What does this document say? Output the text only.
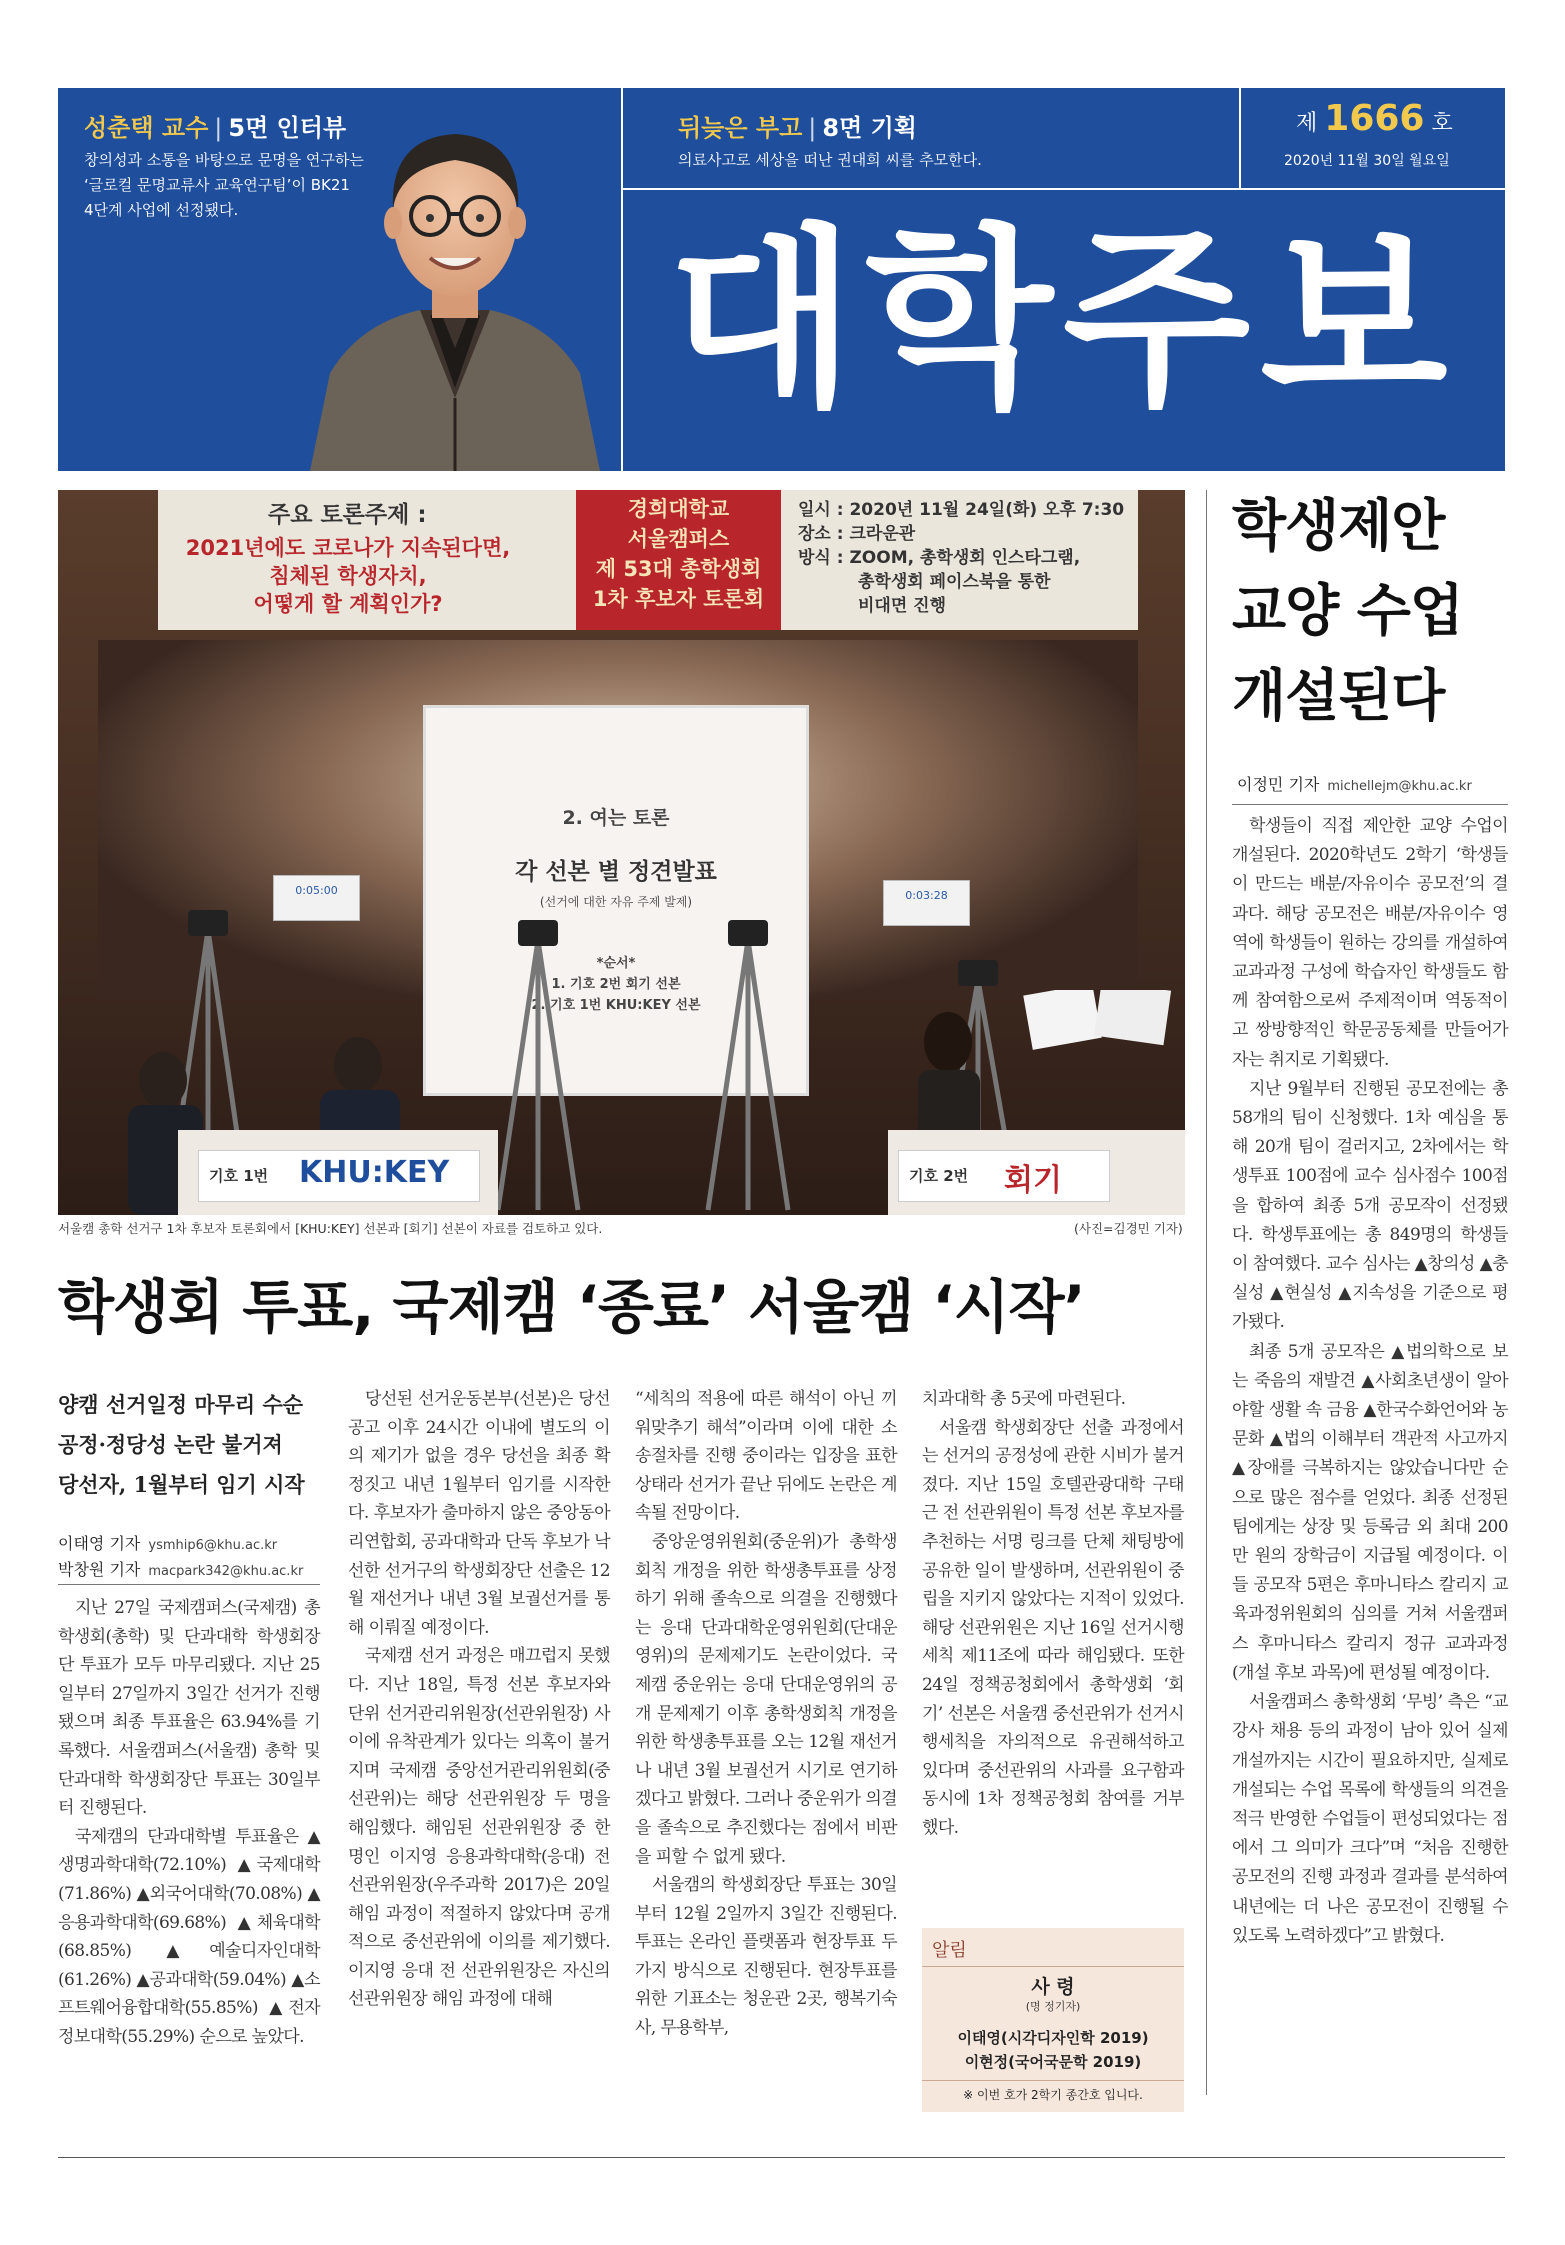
성춘택 교수 | 5면 인터뷰
창의성과 소통을 바탕으로 문명을 연구하는
‘글로컬 문명교류사 교육연구팀’이 BK21
4단계 사업에 선정됐다.
뒤늦은 부고 | 8면 기획
의료사고로 세상을 떠난 권대희 씨를 추모한다.
제 1666 호
2020년 11월 30일 월요일
대학주보
주요 토론주제 :
2021년에도 코로나가 지속된다면,
침체된 학생자치,
어떻게 할 계획인가?
경희대학교
서울캠퍼스
제 53대 총학생회
1차 후보자 토론회
일시 : 2020년 11월 24일(화) 오후 7:30
장소 : 크라운관
방식 : ZOOM, 총학생회 인스타그램,
총학생회 페이스북을 통한
비대면 진행
2. 여는 토론
각 선본 별 정견발표
(선거에 대한 자유 주제 발제)
*순서*
1. 기호 2번 회기 선본
2. 기호 1번 KHU:KEY 선본
0:05:00	0:03:28
기호 1번 KHU:KEY	기호 2번 회기
서울캠 총학 선거구 1차 후보자 토론회에서 [KHU:KEY] 선본과 [회기] 선본이 자료를 검토하고 있다.	(사진=김경민 기자)
학생회 투표, 국제캠 ‘종료’ 서울캠 ‘시작’
양캠 선거일정 마무리 수순
공정·정당성 논란 불거져
당선자, 1월부터 임기 시작
이태영 기자 ysmhip6@khu.ac.kr
박창원 기자 macpark342@khu.ac.kr

지난 27일 국제캠퍼스(국제캠) 총학생회(총학) 및 단과대학 학생회장단 투표가 모두 마무리됐다. 지난 25일부터 27일까지 3일간 선거가 진행됐으며 최종 투표율은 63.94%를 기록했다. 서울캠퍼스(서울캠) 총학 및 단과대학 학생회장단 투표는 30일부터 진행된다.

국제캠의 단과대학별 투표율은 ▲생명과학대학(72.10%) ▲국제대학(71.86%) ▲외국어대학(70.08%) ▲응용과학대학(69.68%) ▲체육대학(68.85%) ▲예술디자인대학(61.26%) ▲공과대학(59.04%) ▲소프트웨어융합대학(55.85%) ▲전자정보대학(55.29%) 순으로 높았다.

당선된 선거운동본부(선본)은 당선 공고 이후 24시간 이내에 별도의 이의 제기가 없을 경우 당선을 최종 확정짓고 내년 1월부터 임기를 시작한다. 후보자가 출마하지 않은 중앙동아리연합회, 공과대학과 단독 후보가 낙선한 선거구의 학생회장단 선출은 12월 재선거나 내년 3월 보궐선거를 통해 이뤄질 예정이다.

국제캠 선거 과정은 매끄럽지 못했다. 지난 18일, 특정 선본 후보자와 단위 선거관리위원장(선관위원장) 사이에 유착관계가 있다는 의혹이 불거지며 국제캠 중앙선거관리위원회(중선관위)는 해당 선관위원장 두 명을 해임했다. 해임된 선관위원장 중 한 명인 이지영 응용과학대학(응대) 전 선관위원장(우주과학 2017)은 20일 해임 과정이 적절하지 않았다며 공개적으로 중선관위에 이의를 제기했다. 이지영 응대 전 선관위원장은 자신의 선관위원장 해임 과정에 대해

“세칙의 적용에 따른 해석이 아닌 끼워맞추기 해석”이라며 이에 대한 소송절차를 진행 중이라는 입장을 표한 상태라 선거가 끝난 뒤에도 논란은 계속될 전망이다.

중앙운영위원회(중운위)가 총학생회칙 개정을 위한 학생총투표를 상정하기 위해 졸속으로 의결을 진행했다는 응대 단과대학운영위원회(단대운영위)의 문제제기도 논란이었다. 국제캠 중운위는 응대 단대운영위의 공개 문제제기 이후 총학생회칙 개정을 위한 학생총투표를 오는 12월 재선거나 내년 3월 보궐선거 시기로 연기하겠다고 밝혔다. 그러나 중운위가 의결을 졸속으로 추진했다는 점에서 비판을 피할 수 없게 됐다.

서울캠의 학생회장단 투표는 30일부터 12월 2일까지 3일간 진행된다. 투표는 온라인 플랫폼과 현장투표 두 가지 방식으로 진행된다. 현장투표를 위한 기표소는 청운관 2곳, 행복기숙사, 무용학부,

치과대학 총 5곳에 마련된다.

서울캠 학생회장단 선출 과정에서는 선거의 공정성에 관한 시비가 불거졌다. 지난 15일 호텔관광대학 구태근 전 선관위원이 특정 선본 후보자를 추천하는 서명 링크를 단체 채팅방에 공유한 일이 발생하며, 선관위원이 중립을 지키지 않았다는 지적이 있었다. 해당 선관위원은 지난 16일 선거시행세칙 제11조에 따라 해임됐다. 또한 24일 정책공청회에서 총학생회 ‘회기’ 선본은 서울캠 중선관위가 선거시행세칙을 자의적으로 유권해석하고 있다며 중선관위의 사과를 요구함과 동시에 1차 정책공청회 참여를 거부했다.

알림
사 령
(명 정기자)
이태영(시각디자인학 2019)
이현정(국어국문학 2019)
※ 이번 호가 2학기 종간호 입니다.
학생제안
교양 수업
개설된다
이정민 기자 michellejm@khu.ac.kr

학생들이 직접 제안한 교양 수업이 개설된다. 2020학년도 2학기 ‘학생들이 만드는 배분/자유이수 공모전’의 결과다. 해당 공모전은 배분/자유이수 영역에 학생들이 원하는 강의를 개설하여 교과과정 구성에 학습자인 학생들도 함께 참여함으로써 주제적이며 역동적이고 쌍방향적인 학문공동체를 만들어가자는 취지로 기획됐다.

지난 9월부터 진행된 공모전에는 총 58개의 팀이 신청했다. 1차 예심을 통해 20개 팀이 걸러지고, 2차에서는 학생투표 100점에 교수 심사점수 100점을 합하여 최종 5개 공모작이 선정됐다. 학생투표에는 총 849명의 학생들이 참여했다. 교수 심사는 ▲창의성 ▲충실성 ▲현실성 ▲지속성을 기준으로 평가됐다.

최종 5개 공모작은 ▲법의학으로 보는 죽음의 재발견 ▲사회초년생이 알아야할 생활 속 금융 ▲한국수화언어와 농문화 ▲법의 이해부터 객관적 사고까지 ▲장애를 극복하지는 않았습니다만 순으로 많은 점수를 얻었다. 최종 선정된 팀에게는 상장 및 등록금 외 최대 200만 원의 장학금이 지급될 예정이다. 이들 공모작 5편은 후마니타스 칼리지 교육과정위원회의 심의를 거쳐 서울캠퍼스 후마니타스 칼리지 정규 교과과정(개설 후보 과목)에 편성될 예정이다.

서울캠퍼스 총학생회 ‘무빙’ 측은 “교강사 채용 등의 과정이 남아 있어 실제 개설까지는 시간이 필요하지만, 실제로 개설되는 수업 목록에 학생들의 의견을 적극 반영한 수업들이 편성되었다는 점에서 그 의미가 크다”며 “처음 진행한 공모전의 진행 과정과 결과를 분석하여 내년에는 더 나은 공모전이 진행될 수 있도록 노력하겠다”고 밝혔다.
